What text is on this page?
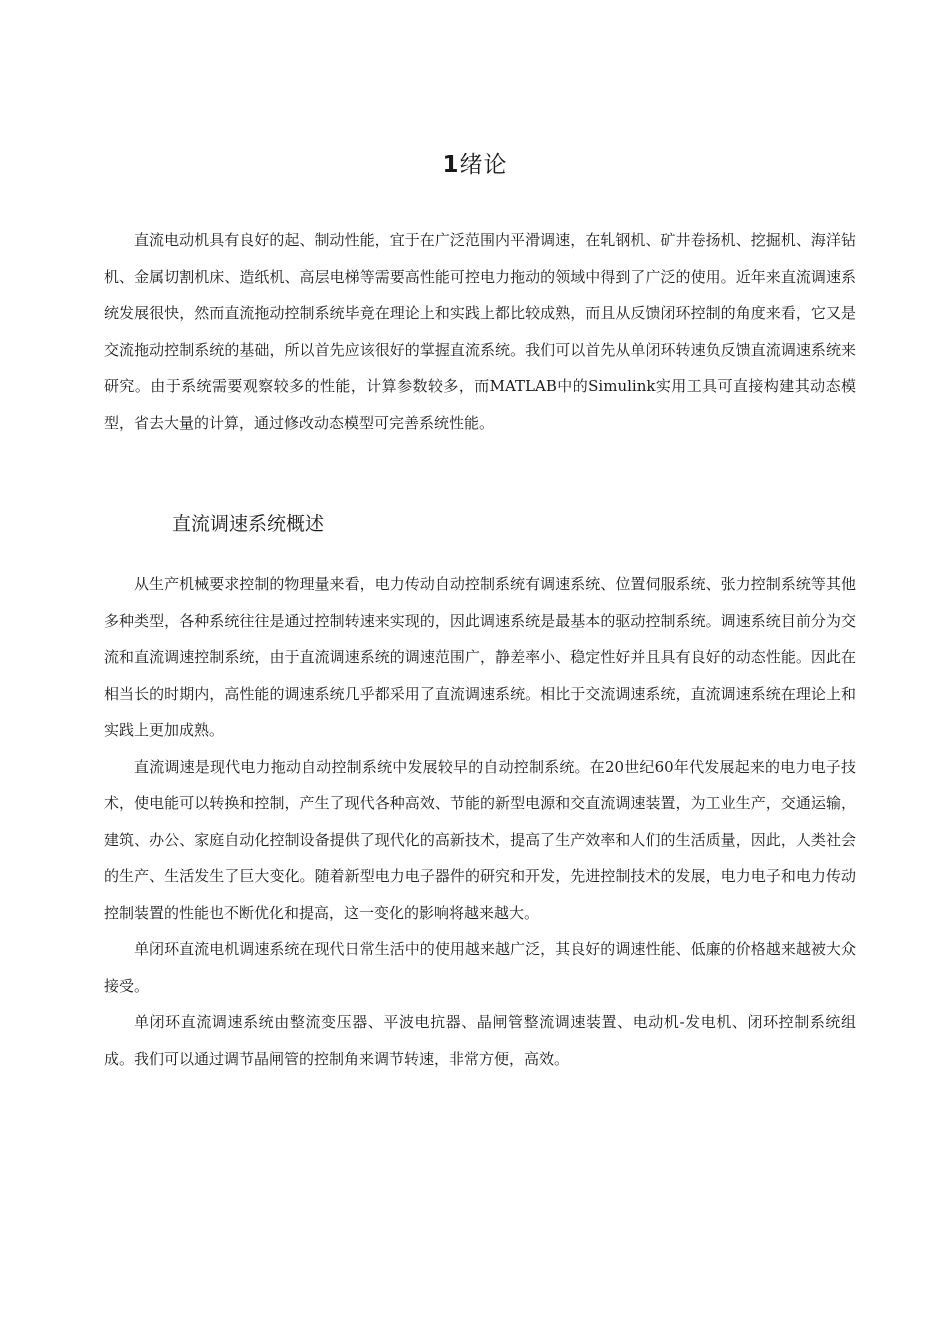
1绪论

直流电动机具有良好的起、制动性能，宜于在广泛范围内平滑调速，在轧钢机、矿井卷扬机、挖掘机、海洋钻机、金属切割机床、造纸机、高层电梯等需要高性能可控电力拖动的领域中得到了广泛的使用。近年来直流调速系统发展很快，然而直流拖动控制系统毕竟在理论上和实践上都比较成熟，而且从反馈闭环控制的角度来看，它又是交流拖动控制系统的基础，所以首先应该很好的掌握直流系统。我们可以首先从单闭环转速负反馈直流调速系统来研究。由于系统需要观察较多的性能，计算参数较多，而MATLAB中的Simulink实用工具可直接构建其动态模型，省去大量的计算，通过修改动态模型可完善系统性能。

直流调速系统概述

从生产机械要求控制的物理量来看，电力传动自动控制系统有调速系统、位置伺服系统、张力控制系统等其他多种类型，各种系统往往是通过控制转速来实现的，因此调速系统是最基本的驱动控制系统。调速系统目前分为交流和直流调速控制系统，由于直流调速系统的调速范围广，静差率小、稳定性好并且具有良好的动态性能。因此在相当长的时期内，高性能的调速系统几乎都采用了直流调速系统。相比于交流调速系统，直流调速系统在理论上和实践上更加成熟。

直流调速是现代电力拖动自动控制系统中发展较早的自动控制系统。在20世纪60年代发展起来的电力电子技术，使电能可以转换和控制，产生了现代各种高效、节能的新型电源和交直流调速装置，为工业生产，交通运输，建筑、办公、家庭自动化控制设备提供了现代化的高新技术，提高了生产效率和人们的生活质量，因此，人类社会的生产、生活发生了巨大变化。随着新型电力电子器件的研究和开发，先进控制技术的发展，电力电子和电力传动控制装置的性能也不断优化和提高，这一变化的影响将越来越大。

单闭环直流电机调速系统在现代日常生活中的使用越来越广泛，其良好的调速性能、低廉的价格越来越被大众接受。

单闭环直流调速系统由整流变压器、平波电抗器、晶闸管整流调速装置、电动机-发电机、闭环控制系统组成。我们可以通过调节晶闸管的控制角来调节转速，非常方便，高效。
